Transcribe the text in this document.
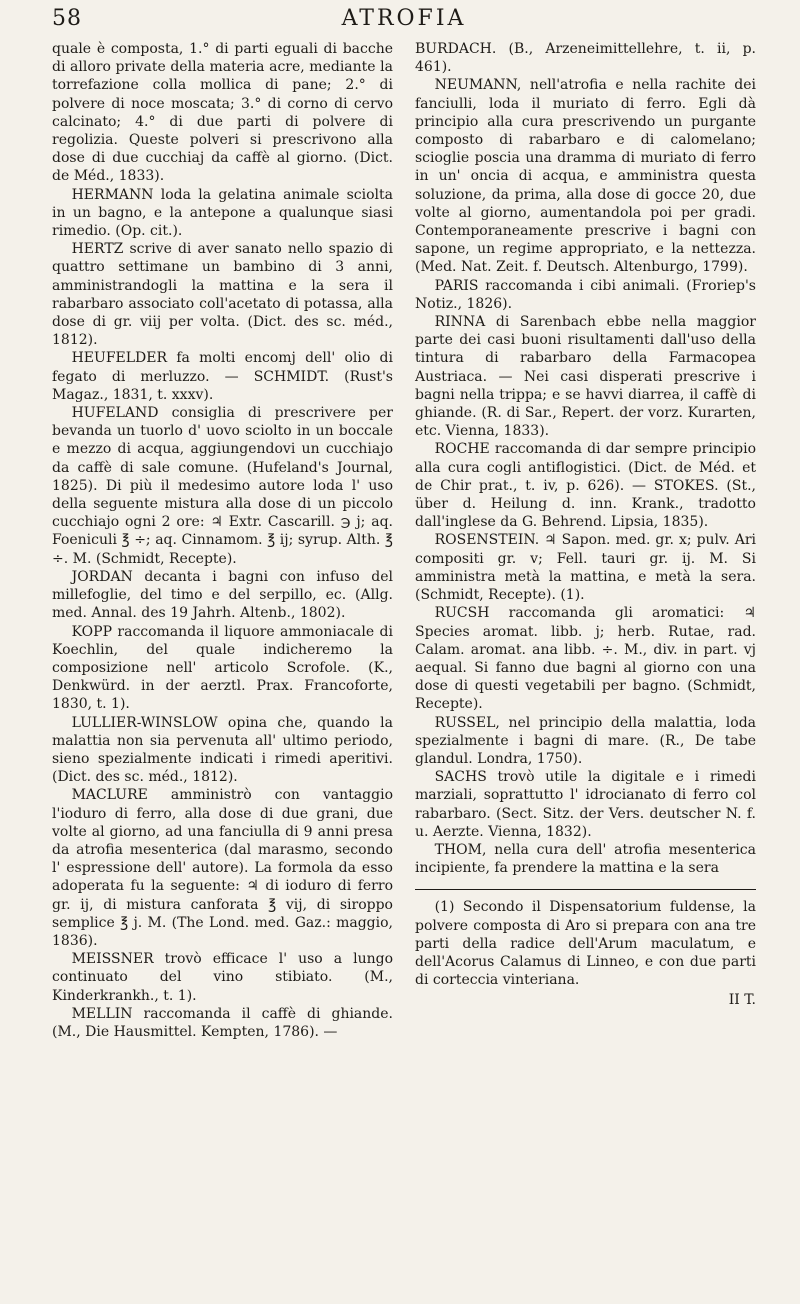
58	ATROFIA

quale è composta, 1.° di parti eguali di bacche di alloro private della materia acre, mediante la torrefazione colla mollica di pane; 2.° di polvere di noce moscata; 3.° di corno di cervo calcinato; 4.° di due parti di polvere di regolizia. Queste polveri si prescrivono alla dose di due cucchiaj da caffè al giorno. (Dict. de Méd., 1833).

HERMANN loda la gelatina animale sciolta in un bagno, e la antepone a qualunque siasi rimedio. (Op. cit.).

HERTZ scrive di aver sanato nello spazio di quattro settimane un bambino di 3 anni, amministrandogli la mattina e la sera il rabarbaro associato coll'acetato di potassa, alla dose di gr. viij per volta. (Dict. des sc. méd., 1812).

HEUFELDER fa molti encomj dell' olio di fegato di merluzzo. — SCHMIDT. (Rust's Magaz., 1831, t. xxxv).

HUFELAND consiglia di prescrivere per bevanda un tuorlo d' uovo sciolto in un boccale e mezzo di acqua, aggiungendovi un cucchiajo da caffè di sale comune. (Hufeland's Journal, 1825). Di più il medesimo autore loda l' uso della seguente mistura alla dose di un piccolo cucchiajo ogni 2 ore: ♃ Extr. Cascarill. ℈ j; aq. Foeniculi ℥ ÷; aq. Cinnamom. ℥ ij; syrup. Alth. ℥ ÷. M. (Schmidt, Recepte).

JORDAN decanta i bagni con infuso del millefoglie, del timo e del serpillo, ec. (Allg. med. Annal. des 19 Jahrh. Altenb., 1802).

KOPP raccomanda il liquore ammoniacale di Koechlin, del quale indicheremo la composizione nell' articolo Scrofole. (K., Denkwürd. in der aerztl. Prax. Francoforte, 1830, t. 1).

LULLIER-WINSLOW opina che, quando la malattia non sia pervenuta all' ultimo periodo, sieno spezialmente indicati i rimedi aperitivi. (Dict. des sc. méd., 1812).

MACLURE amministrò con vantaggio l'ioduro di ferro, alla dose di due grani, due volte al giorno, ad una fanciulla di 9 anni presa da atrofia mesenterica (dal marasmo, secondo l' espressione dell' autore). La formola da esso adoperata fu la seguente: ♃ di ioduro di ferro gr. ij, di mistura canforata ℥ vij, di siroppo semplice ℥ j. M. (The Lond. med. Gaz.: maggio, 1836).

MEISSNER trovò efficace l' uso a lungo continuato del vino stibiato. (M., Kinderkrankh., t. 1).

MELLIN raccomanda il caffè di ghiande. (M., Die Hausmittel. Kempten, 1786). —

BURDACH. (B., Arzeneimittellehre, t. ii, p. 461).

NEUMANN, nell'atrofia e nella rachite dei fanciulli, loda il muriato di ferro. Egli dà principio alla cura prescrivendo un purgante composto di rabarbaro e di calomelano; scioglie poscia una dramma di muriato di ferro in un' oncia di acqua, e amministra questa soluzione, da prima, alla dose di gocce 20, due volte al giorno, aumentandola poi per gradi. Contemporaneamente prescrive i bagni con sapone, un regime appropriato, e la nettezza. (Med. Nat. Zeit. f. Deutsch. Altenburgo, 1799).

PARIS raccomanda i cibi animali. (Froriep's Notiz., 1826).

RINNA di Sarenbach ebbe nella maggior parte dei casi buoni risultamenti dall'uso della tintura di rabarbaro della Farmacopea Austriaca. — Nei casi disperati prescrive i bagni nella trippa; e se havvi diarrea, il caffè di ghiande. (R. di Sar., Repert. der vorz. Kurarten, etc. Vienna, 1833).

ROCHE raccomanda di dar sempre principio alla cura cogli antiflogistici. (Dict. de Méd. et de Chir prat., t. iv, p. 626). — STOKES. (St., über d. Heilung d. inn. Krank., tradotto dall'inglese da G. Behrend. Lipsia, 1835).

ROSENSTEIN. ♃ Sapon. med. gr. x; pulv. Ari compositi gr. v; Fell. tauri gr. ij. M. Si amministra metà la mattina, e metà la sera. (Schmidt, Recepte). (1).

RUCSH raccomanda gli aromatici: ♃ Species aromat. libb. j; herb. Rutae, rad. Calam. aromat. ana libb. ÷. M., div. in part. vj aequal. Si fanno due bagni al giorno con una dose di questi vegetabili per bagno. (Schmidt, Recepte).

RUSSEL, nel principio della malattia, loda spezialmente i bagni di mare. (R., De tabe glandul. Londra, 1750).

SACHS trovò utile la digitale e i rimedi marziali, soprattutto l' idrocianato di ferro col rabarbaro. (Sect. Sitz. der Vers. deutscher N. f. u. Aerzte. Vienna, 1832).

THOM, nella cura dell' atrofia mesenterica incipiente, fa prendere la mattina e la sera

(1) Secondo il Dispensatorium fuldense, la polvere composta di Aro si prepara con ana tre parti della radice dell'Arum maculatum, e dell'Acorus Calamus di Linneo, e con due parti di corteccia vinteriana.

II T.
